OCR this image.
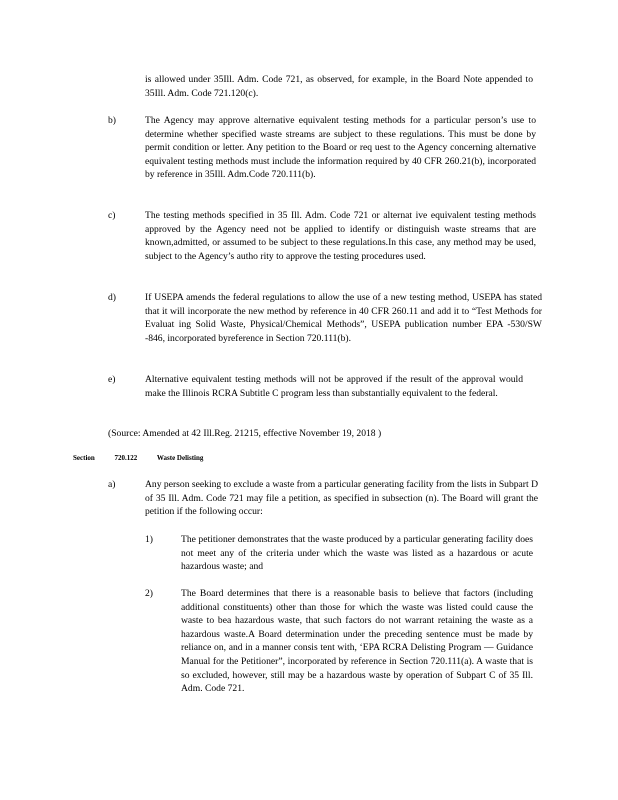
is allowed under 35Ill. Adm. Code 721, as observed, for example, in the Board Note appended to 35Ill. Adm. Code 721.120(c).
b)	The Agency may approve alternative equivalent testing methods for a particular person’s use to determine whether specified waste streams are subject to these regulations. This must be done by permit condition or letter. Any petition to the Board or req uest to the Agency concerning alternative equivalent testing methods must include the information required by 40 CFR 260.21(b), incorporated by reference in 35Ill. Adm.Code 720.111(b).
c)	The testing methods specified in 35 Ill. Adm. Code 721 or alternat ive equivalent testing methods approved by the Agency need not be applied to identify or distinguish waste streams that are known,admitted, or assumed to be subject to these regulations.In this case, any method may be used, subject to the Agency’s autho rity to approve the testing procedures used.
d)	If USEPA amends the federal regulations to allow the use of a new testing method, USEPA has stated that it will incorporate the new method by reference in 40 CFR 260.11 and add it to “Test Methods for Evaluat ing Solid Waste, Physical/Chemical Methods”, USEPA publication number EPA -530/SW -846, incorporated byreference in Section 720.111(b).
e)	Alternative equivalent testing methods will not be approved if the result of the approval would make the Illinois RCRA Subtitle C program less than substantially equivalent to the federal.
(Source: Amended at 42 Ill.Reg. 21215, effective November 19, 2018 )
Section	720.122	Waste Delisting
a)	Any person seeking to exclude a waste from a particular generating facility from the lists in Subpart D of 35 Ill. Adm. Code 721 may file a petition, as specified in subsection (n). The Board will grant the petition if the following occur:
1)	The petitioner demonstrates that the waste produced by a particular generating facility does not meet any of the criteria under which the waste was listed as a hazardous or acute hazardous waste; and
2)	The Board determines that there is a reasonable basis to believe that factors (including additional constituents) other than those for which the waste was listed could cause the waste to bea hazardous waste, that such factors do not warrant retaining the waste as a hazardous waste.A Board determination under the preceding sentence must be made by reliance on, and in a manner consis tent with, ‘EPA RCRA Delisting Program — Guidance Manual for the Petitioner”, incorporated by reference in Section 720.111(a). A waste that is so excluded, however, still may be a hazardous waste by operation of Subpart C of 35 Ill. Adm. Code 721.
